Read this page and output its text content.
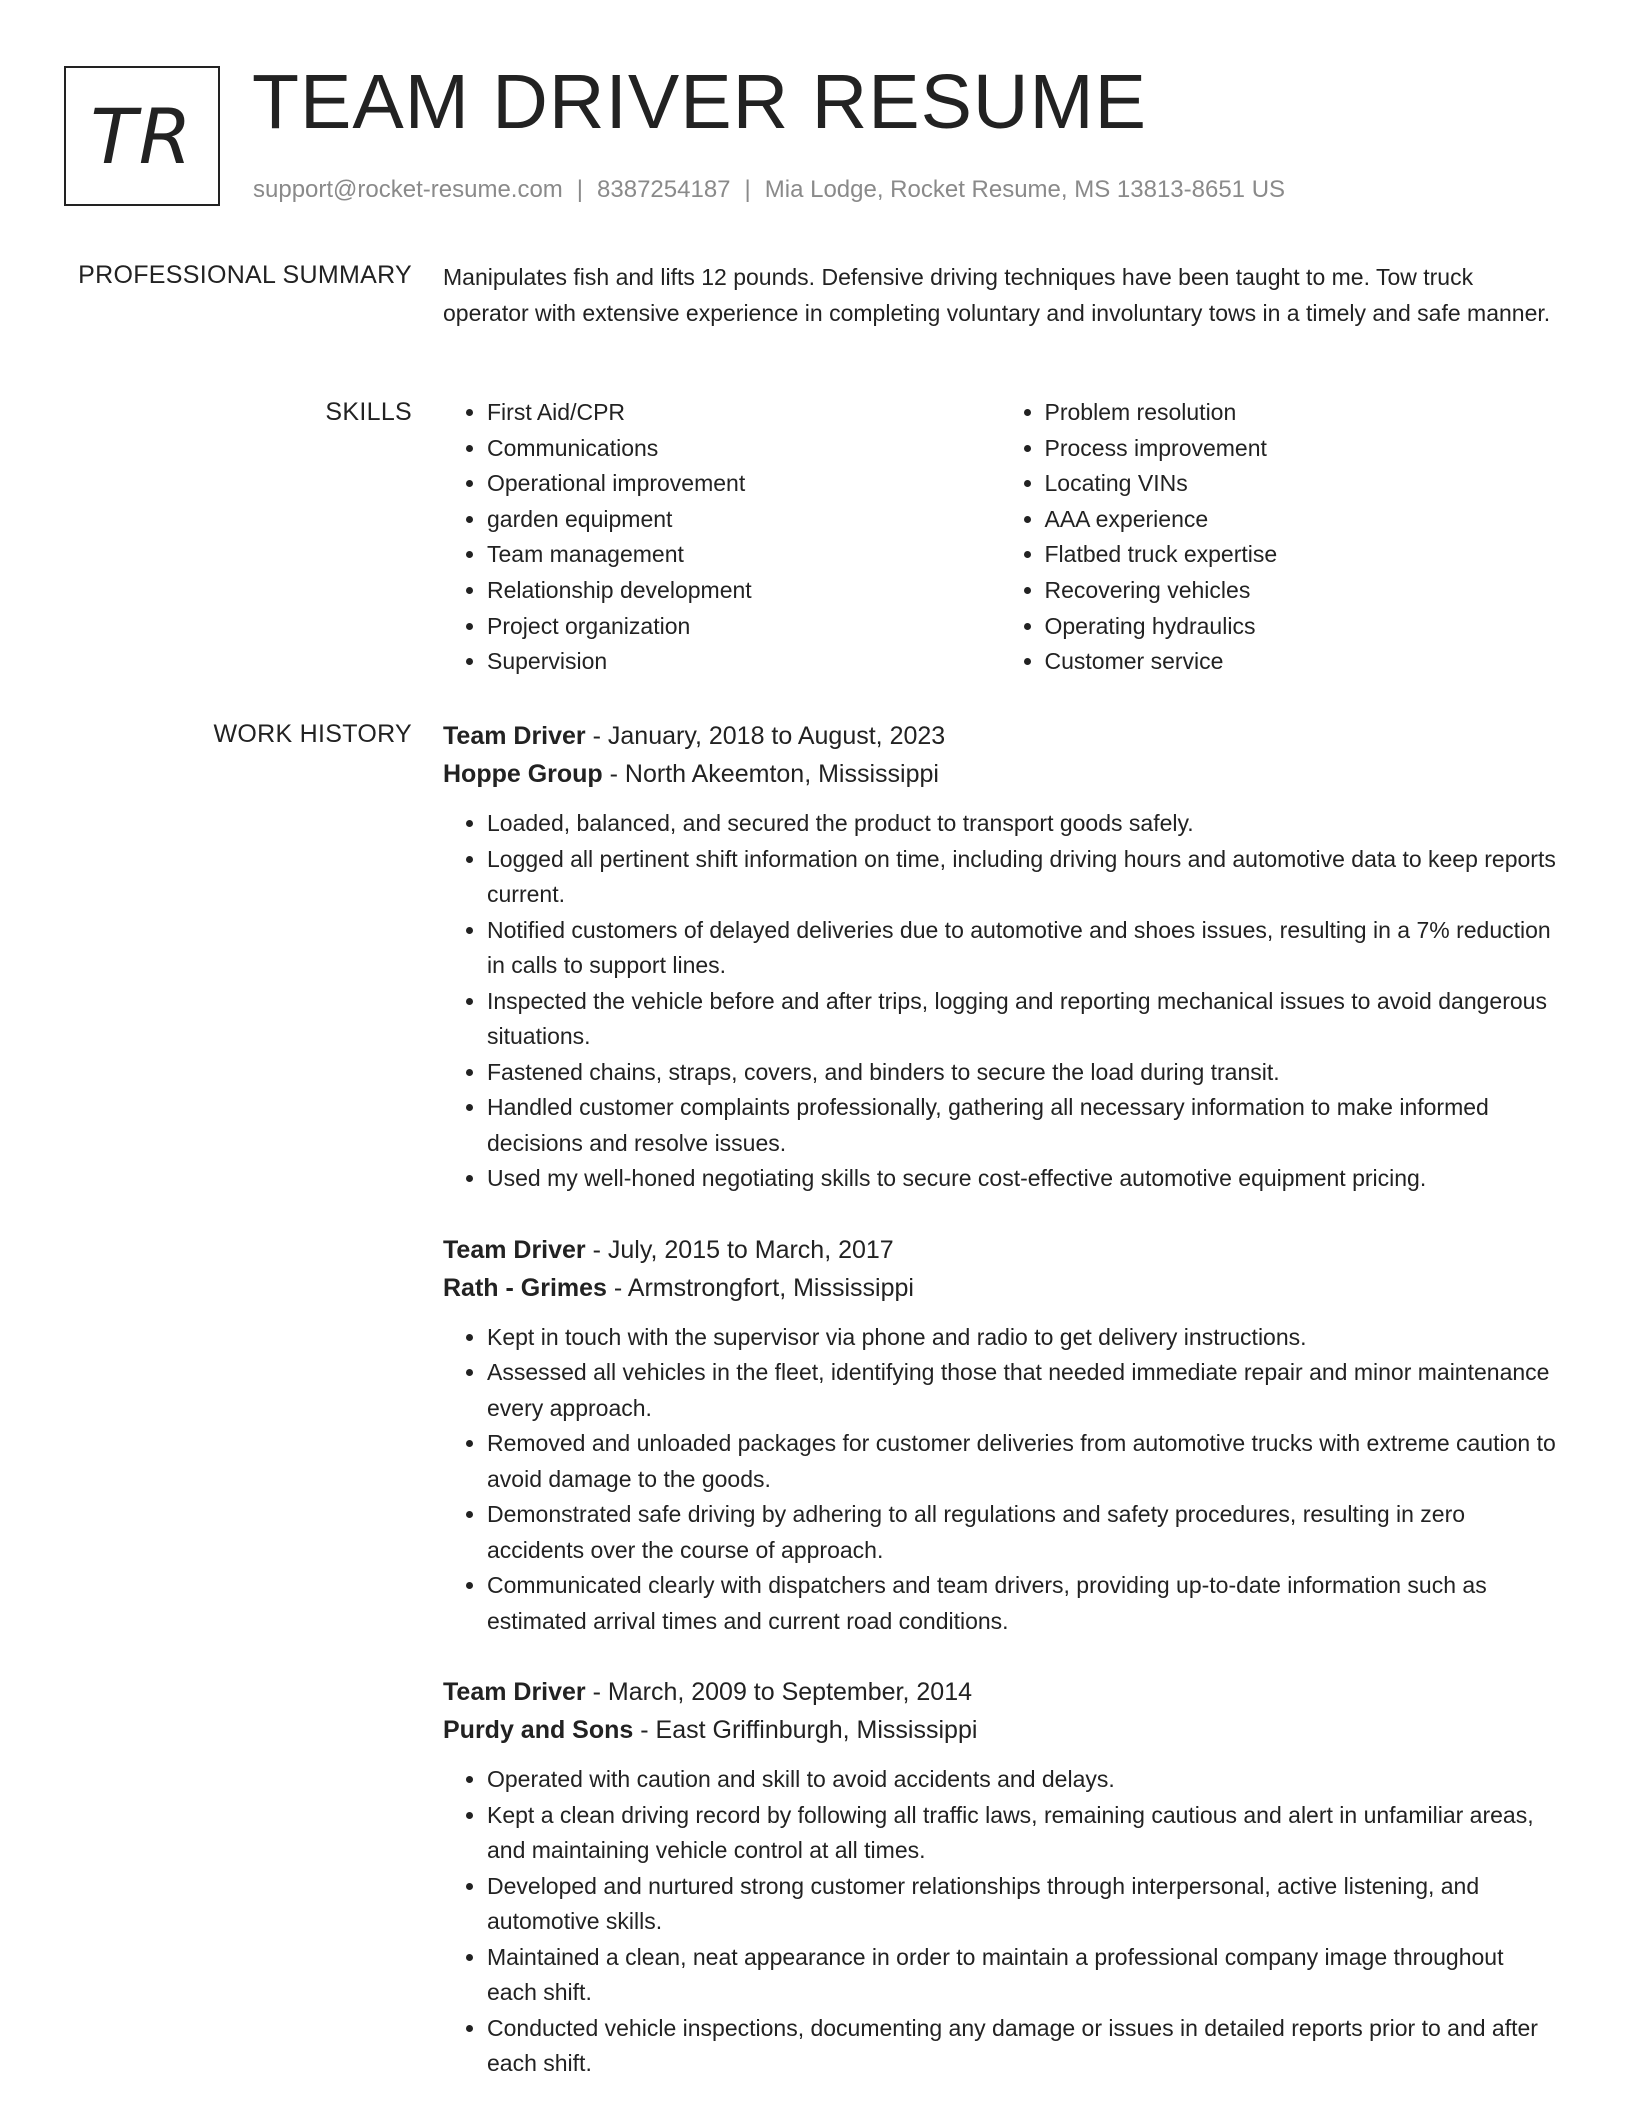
TR TEAM DRIVER RESUME
support@rocket-resume.com | 8387254187 | Mia Lodge, Rocket Resume, MS 13813-8651 US
PROFESSIONAL SUMMARY Manipulates fish and lifts 12 pounds. Defensive driving techniques have been taught to me. Tow truck operator with extensive experience in completing voluntary and involuntary tows in a timely and safe manner.

SKILLS
•	First Aid/CPR
• Communications
• Operational improvement
• garden equipment
• Team management
• Relationship development
• Project organization
• Supervision
• Problem resolution
• Process improvement
• Locating VINs
• AAA experience
• Flatbed truck expertise
• Recovering vehicles
• Operating hydraulics
• Customer service
WORK HISTORY Team Driver - January, 2018 to August, 2023
Hoppe Group - North Akeemton, Mississippi
• Loaded, balanced, and secured the product to transport goods safely.
• Logged all pertinent shift information on time, including driving hours and automotive data to keep reports current.
• Notified customers of delayed deliveries due to automotive and shoes issues, resulting in a 7% reduction in calls to support lines.
• Inspected the vehicle before and after trips, logging and reporting mechanical issues to avoid dangerous situations.
• Fastened chains, straps, covers, and binders to secure the load during transit.
• Handled customer complaints professionally, gathering all necessary information to make informed decisions and resolve issues.
• Used my well-honed negotiating skills to secure cost-effective automotive equipment pricing.
Team Driver - July, 2015 to March, 2017
Rath - Grimes - Armstrongfort, Mississippi
• Kept in touch with the supervisor via phone and radio to get delivery instructions.
• Assessed all vehicles in the fleet, identifying those that needed immediate repair and minor maintenance every approach.
• Removed and unloaded packages for customer deliveries from automotive trucks with extreme caution to avoid damage to the goods.
• Demonstrated safe driving by adhering to all regulations and safety procedures, resulting in zero accidents over the course of approach.
• Communicated clearly with dispatchers and team drivers, providing up-to-date information such as estimated arrival times and current road conditions.
Team Driver - March, 2009 to September, 2014
Purdy and Sons - East Griffinburgh, Mississippi
• Operated with caution and skill to avoid accidents and delays.
• Kept a clean driving record by following all traffic laws, remaining cautious and alert in unfamiliar areas, and maintaining vehicle control at all times.
• Developed and nurtured strong customer relationships through interpersonal, active listening, and automotive skills.
• Maintained a clean, neat appearance in order to maintain a professional company image throughout each shift.
• Conducted vehicle inspections, documenting any damage or issues in detailed reports prior to and after each shift.
